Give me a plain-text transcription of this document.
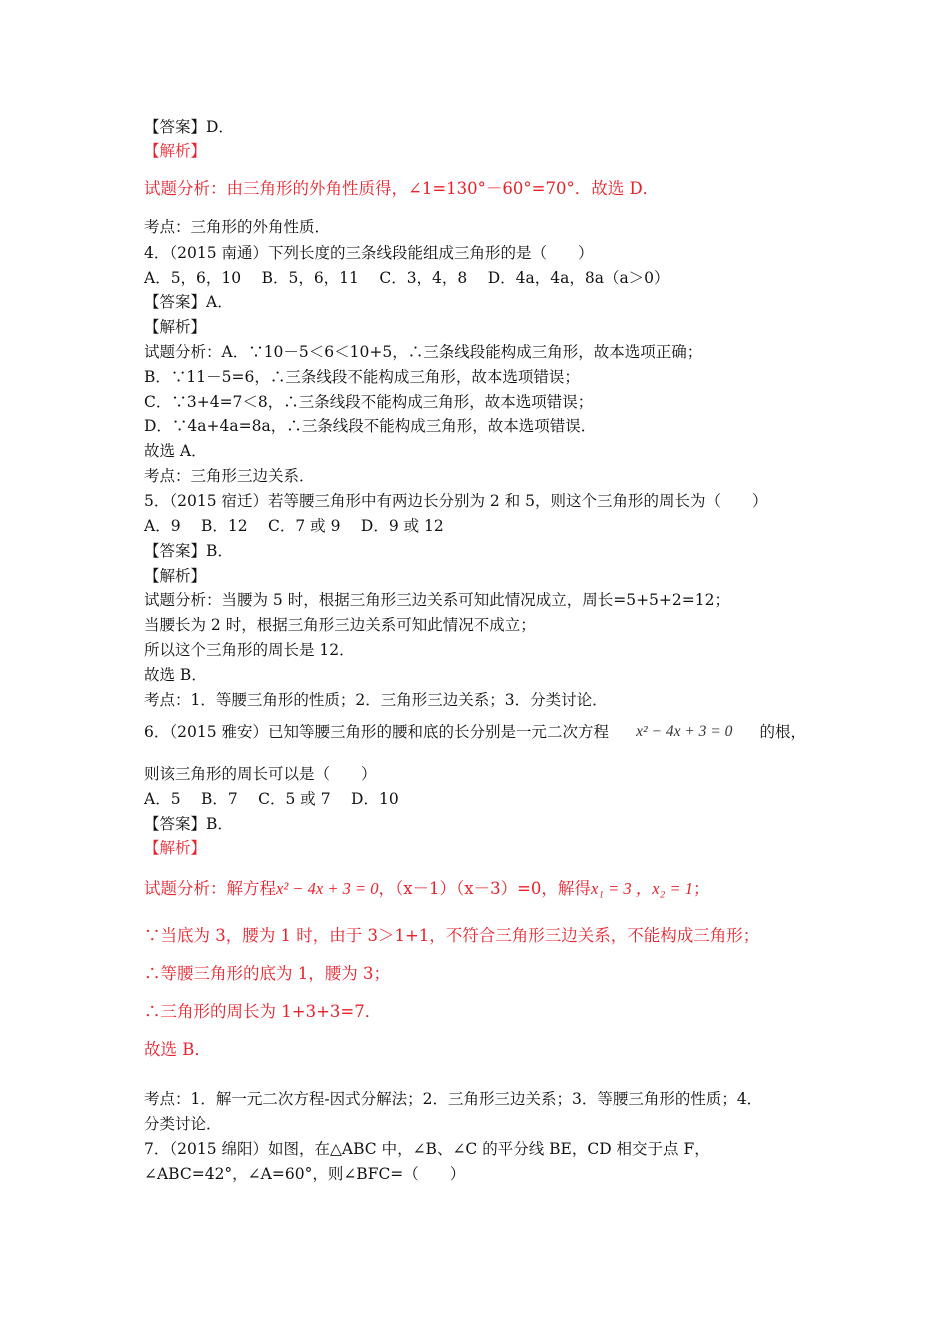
【答案】D．
【解析】
试题分析：由三角形的外角性质得，∠1=130°－60°=70°．故选 D．
考点：三角形的外角性质．
4．（2015 南通）下列长度的三条线段能组成三角形的是（　　）
A．5，6，10　 B．5，6，11　 C．3，4，8　 D．4a，4a，8a（a＞0）
【答案】A．
【解析】
试题分析：A．∵10－5＜6＜10+5，∴三条线段能构成三角形，故本选项正确；
B．∵11－5=6，∴三条线段不能构成三角形，故本选项错误；
C．∵3+4=7＜8，∴三条线段不能构成三角形，故本选项错误；
D．∵4a+4a=8a，∴三条线段不能构成三角形，故本选项错误．
故选 A．
考点：三角形三边关系．
5．（2015 宿迁）若等腰三角形中有两边长分别为 2 和 5，则这个三角形的周长为（　　）
A．9　 B．12　 C．7 或 9　 D．9 或 12
【答案】B．
【解析】
试题分析：当腰为 5 时，根据三角形三边关系可知此情况成立，周长=5+5+2=12；
当腰长为 2 时，根据三角形三边关系可知此情况不成立；
所以这个三角形的周长是 12．
故选 B．
考点：1．等腰三角形的性质；2．三角形三边关系；3．分类讨论．
6．（2015 雅安）已知等腰三角形的腰和底的长分别是一元二次方程 x² − 4x + 3 = 0 的根，
则该三角形的周长可以是（　　）
A．5　 B．7　 C．5 或 7　 D．10
【答案】B．
【解析】
试题分析：解方程x² − 4x + 3 = 0，（x－1）（x－3）=0，解得x₁ = 3 ，x₂ = 1；
∵当底为 3，腰为 1 时，由于 3＞1+1，不符合三角形三边关系，不能构成三角形；
∴等腰三角形的底为 1，腰为 3；
∴三角形的周长为 1+3+3=7．
故选 B．
考点：1．解一元二次方程-因式分解法；2．三角形三边关系；3．等腰三角形的性质；4．
分类讨论．
7．（2015 绵阳）如图，在△ABC 中，∠B、∠C 的平分线 BE，CD 相交于点 F，
∠ABC=42°，∠A=60°，则∠BFC=（　　）
